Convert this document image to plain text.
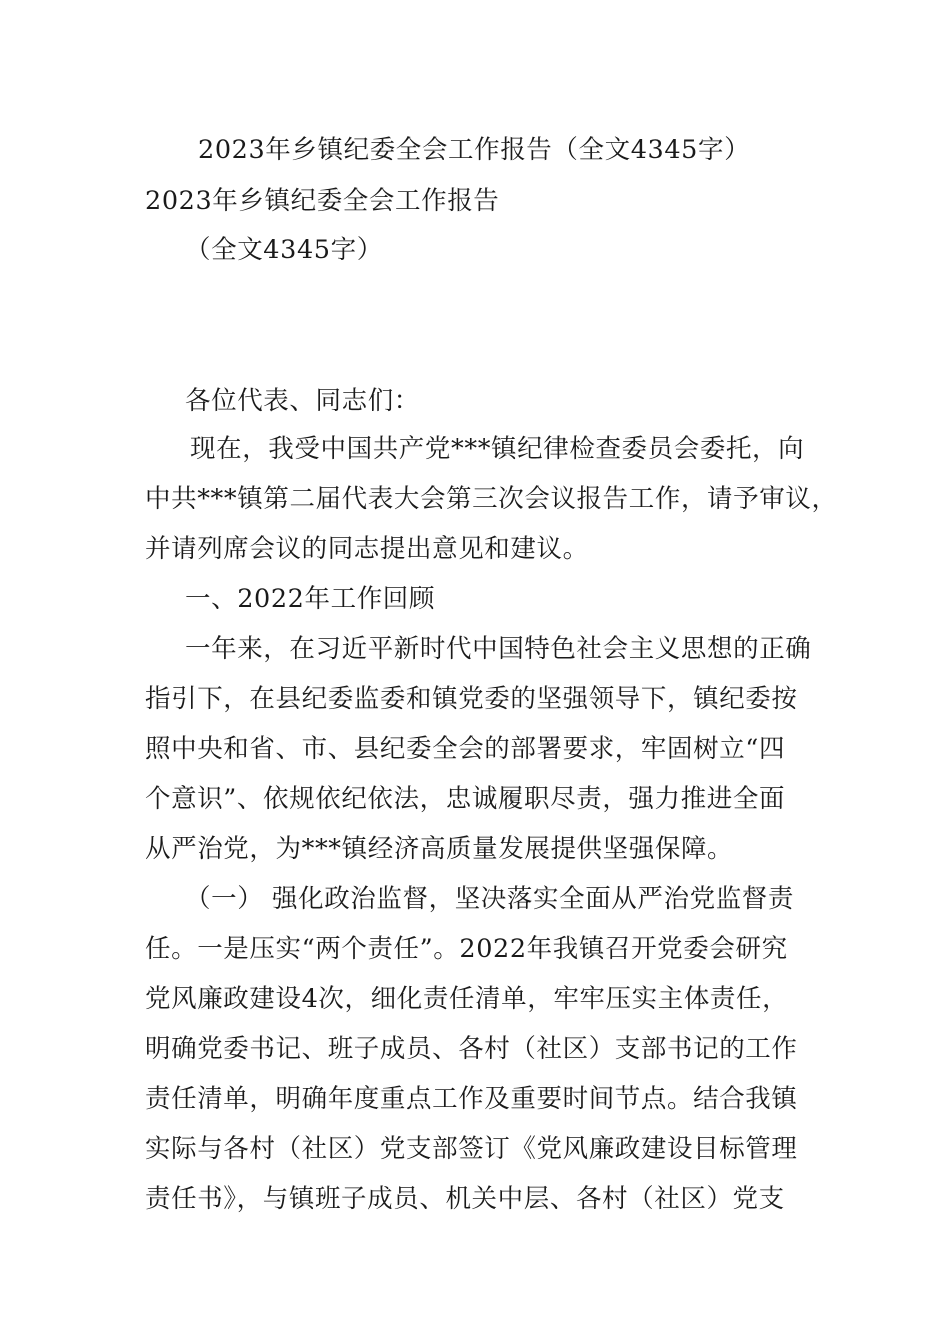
2023年乡镇纪委全会工作报告（全文4345字）
2023年乡镇纪委全会工作报告
（全文4345字）
各位代表、同志们：
现在，我受中国共产党***镇纪律检查委员会委托，向
中共***镇第二届代表大会第三次会议报告工作，请予审议，
并请列席会议的同志提出意见和建议。
一、2022年工作回顾
一年来，在习近平新时代中国特色社会主义思想的正确
指引下，在县纪委监委和镇党委的坚强领导下，镇纪委按
照中央和省、市、县纪委全会的部署要求，牢固树立“四
个意识”、依规依纪依法，忠诚履职尽责，强力推进全面
从严治党，为***镇经济高质量发展提供坚强保障。
（一） 强化政治监督，坚决落实全面从严治党监督责
任。一是压实“两个责任”。2022年我镇召开党委会研究
党风廉政建设4次，细化责任清单，牢牢压实主体责任，
明确党委书记、班子成员、各村（社区）支部书记的工作
责任清单，明确年度重点工作及重要时间节点。结合我镇
实际与各村（社区）党支部签订《党风廉政建设目标管理
责任书》，与镇班子成员、机关中层、各村（社区）党支
